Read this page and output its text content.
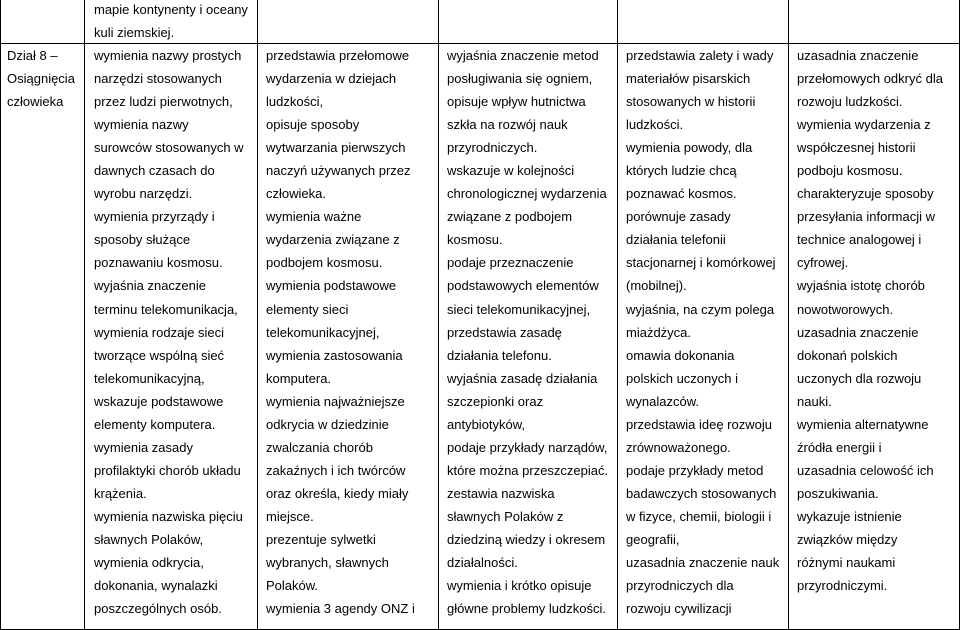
mapie kontynenty i oceany
kuli ziemskiej.
Dział 8 –
Osiągnięcia
człowieka
wymienia nazwy prostych
narzędzi stosowanych
przez ludzi pierwotnych,
wymienia nazwy
surowców stosowanych w
dawnych czasach do
wyrobu narzędzi.
wymienia przyrządy i
sposoby służące
poznawaniu kosmosu.
wyjaśnia znaczenie
terminu telekomunikacja,
wymienia rodzaje sieci
tworzące wspólną sieć
telekomunikacyjną,
wskazuje podstawowe
elementy komputera.
wymienia zasady
profilaktyki chorób układu
krążenia.
wymienia nazwiska pięciu
sławnych Polaków,
wymienia odkrycia,
dokonania, wynalazki
poszczególnych osób.
przedstawia przełomowe
wydarzenia w dziejach
ludzkości,
opisuje sposoby
wytwarzania pierwszych
naczyń używanych przez
człowieka.
wymienia ważne
wydarzenia związane z
podbojem kosmosu.
wymienia podstawowe
elementy sieci
telekomunikacyjnej,
wymienia zastosowania
komputera.
wymienia najważniejsze
odkrycia w dziedzinie
zwalczania chorób
zakaźnych i ich twórców
oraz określa, kiedy miały
miejsce.
prezentuje sylwetki
wybranych, sławnych
Polaków.
wymienia 3 agendy ONZ i
wyjaśnia znaczenie metod
posługiwania się ogniem,
opisuje wpływ hutnictwa
szkła na rozwój nauk
przyrodniczych.
wskazuje w kolejności
chronologicznej wydarzenia
związane z podbojem
kosmosu.
podaje przeznaczenie
podstawowych elementów
sieci telekomunikacyjnej,
przedstawia zasadę
działania telefonu.
wyjaśnia zasadę działania
szczepionki oraz
antybiotyków,
podaje przykłady narządów,
które można przeszczepiać.
zestawia nazwiska
sławnych Polaków z
dziedziną wiedzy i okresem
działalności.
wymienia i krótko opisuje
główne problemy ludzkości.
przedstawia zalety i wady
materiałów pisarskich
stosowanych w historii
ludzkości.
wymienia powody, dla
których ludzie chcą
poznawać kosmos.
porównuje zasady
działania telefonii
stacjonarnej i komórkowej
(mobilnej).
wyjaśnia, na czym polega
miażdżyca.
omawia dokonania
polskich uczonych i
wynalazców.
przedstawia ideę rozwoju
zrównoważonego.
podaje przykłady metod
badawczych stosowanych
w fizyce, chemii, biologii i
geografii,
uzasadnia znaczenie nauk
przyrodniczych dla
rozwoju cywilizacji
uzasadnia znaczenie
przełomowych odkryć dla
rozwoju ludzkości.
wymienia wydarzenia z
współczesnej historii
podboju kosmosu.
charakteryzuje sposoby
przesyłania informacji w
technice analogowej i
cyfrowej.
wyjaśnia istotę chorób
nowotworowych.
uzasadnia znaczenie
dokonań polskich
uczonych dla rozwoju
nauki.
wymienia alternatywne
źródła energii i
uzasadnia celowość ich
poszukiwania.
wykazuje istnienie
związków między
różnymi naukami
przyrodniczymi.
